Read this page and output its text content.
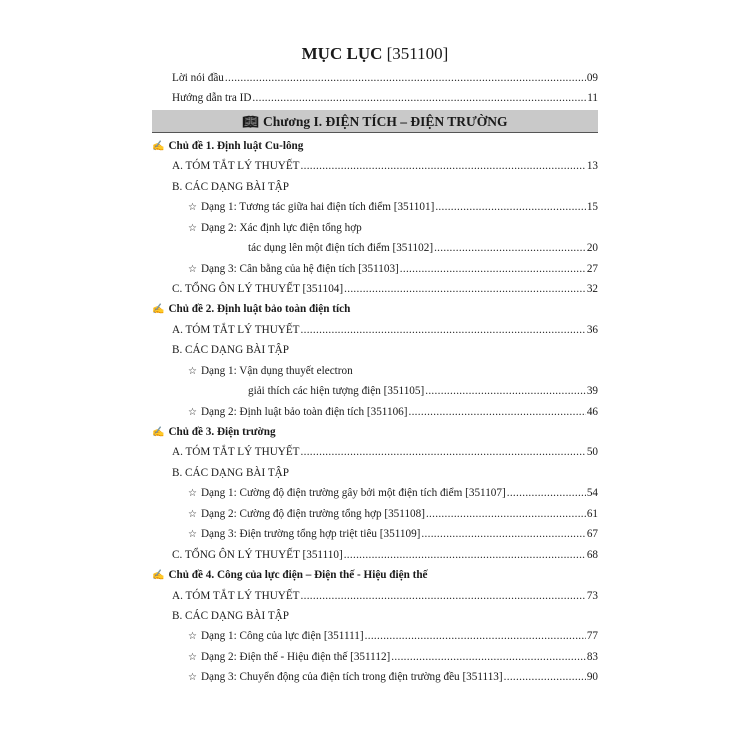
MỤC LỤC [351100]
Lời nói đầu .....	09
Hướng dẫn tra ID .....	11
📖︎ Chương I. ĐIỆN TÍCH – ĐIỆN TRƯỜNG
✍ Chủ đề 1. Định luật Cu-lông
A. TÓM TẮT LÝ THUYẾT .....	13
B. CÁC DẠNG BÀI TẬP
☆ Dạng 1: Tương tác giữa hai điện tích điểm [351101] .....	15
☆ Dạng 2: Xác định lực điện tổng hợp
tác dụng lên một điện tích điểm [351102] .....	20
☆ Dạng 3: Cân bằng của hệ điện tích [351103] .....	27
C. TỔNG ÔN LÝ THUYẾT [351104] .....	32
✍ Chủ đề 2. Định luật bảo toàn điện tích
A. TÓM TẮT LÝ THUYẾT .....	36
B. CÁC DẠNG BÀI TẬP
☆ Dạng 1: Vận dụng thuyết electron
giải thích các hiện tượng điện [351105] .....	39
☆ Dạng 2: Định luật bảo toàn điện tích [351106] .....	46
✍ Chủ đề 3. Điện trường
A. TÓM TẮT LÝ THUYẾT .....	50
B. CÁC DẠNG BÀI TẬP
☆ Dạng 1: Cường độ điện trường gây bởi một điện tích điểm [351107] .....	54
☆ Dạng 2: Cường độ điện trường tổng hợp [351108] .....	61
☆ Dạng 3: Điện trường tổng hợp triệt tiêu [351109] .....	67
C. TỔNG ÔN LÝ THUYẾT [351110] .....	68
✍ Chủ đề 4. Công của lực điện – Điện thế - Hiệu điện thế
A. TÓM TẮT LÝ THUYẾT .....	73
B. CÁC DẠNG BÀI TẬP
☆ Dạng 1: Công của lực điện [351111] .....	77
☆ Dạng 2: Điện thế - Hiệu điện thế [351112] .....	83
☆ Dạng 3: Chuyển động của điện tích trong điện trường đều [351113] .....	90
